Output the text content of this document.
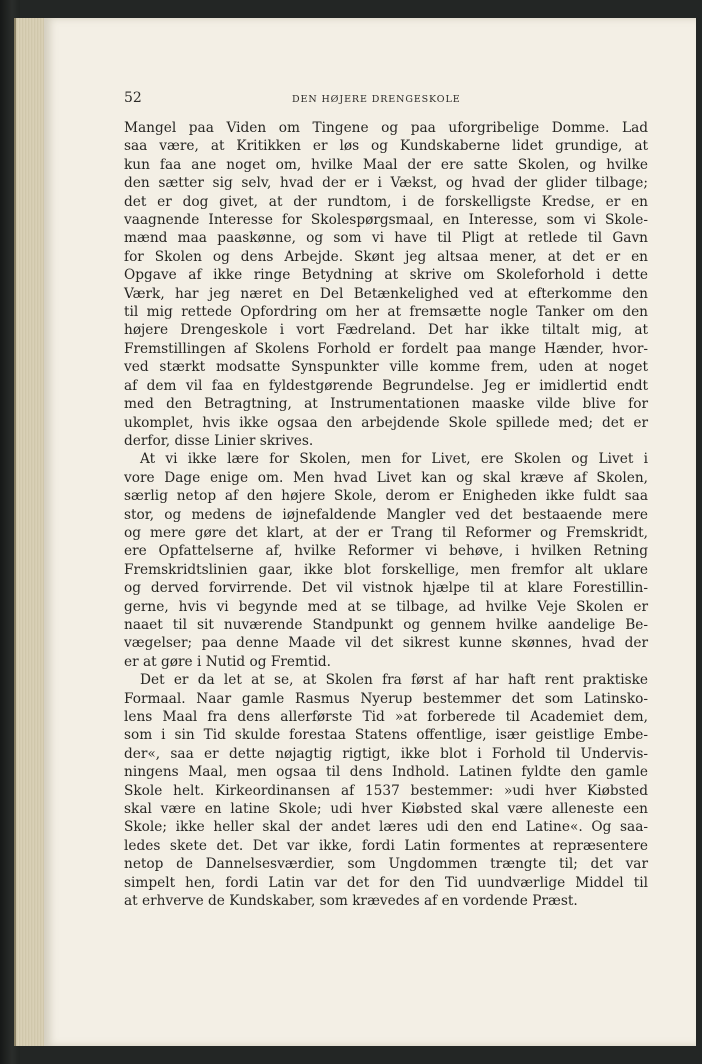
52	DEN HØJERE DRENGESKOLE
Mangel paa Viden om Tingene og paa uforgribelige Domme. Lad
saa være, at Kritikken er løs og Kundskaberne lidet grundige, at
kun faa ane noget om, hvilke Maal der ere satte Skolen, og hvilke
den sætter sig selv, hvad der er i Vækst, og hvad der glider tilbage;
det er dog givet, at der rundtom, i de forskelligste Kredse, er en
vaagnende Interesse for Skolespørgsmaal, en Interesse, som vi Skole-
mænd maa paaskønne, og som vi have til Pligt at retlede til Gavn
for Skolen og dens Arbejde. Skønt jeg altsaa mener, at det er en
Opgave af ikke ringe Betydning at skrive om Skoleforhold i dette
Værk, har jeg næret en Del Betænkelighed ved at efterkomme den
til mig rettede Opfordring om her at fremsætte nogle Tanker om den
højere Drengeskole i vort Fædreland. Det har ikke tiltalt mig, at
Fremstillingen af Skolens Forhold er fordelt paa mange Hænder, hvor-
ved stærkt modsatte Synspunkter ville komme frem, uden at noget
af dem vil faa en fyldestgørende Begrundelse. Jeg er imidlertid endt
med den Betragtning, at Instrumentationen maaske vilde blive for
ukomplet, hvis ikke ogsaa den arbejdende Skole spillede med; det er
derfor, disse Linier skrives.
At vi ikke lære for Skolen, men for Livet, ere Skolen og Livet i
vore Dage enige om. Men hvad Livet kan og skal kræve af Skolen,
særlig netop af den højere Skole, derom er Enigheden ikke fuldt saa
stor, og medens de iøjnefaldende Mangler ved det bestaaende mere
og mere gøre det klart, at der er Trang til Reformer og Fremskridt,
ere Opfattelserne af, hvilke Reformer vi behøve, i hvilken Retning
Fremskridtslinien gaar, ikke blot forskellige, men fremfor alt uklare
og derved forvirrende. Det vil vistnok hjælpe til at klare Forestillin-
gerne, hvis vi begynde med at se tilbage, ad hvilke Veje Skolen er
naaet til sit nuværende Standpunkt og gennem hvilke aandelige Be-
vægelser; paa denne Maade vil det sikrest kunne skønnes, hvad der
er at gøre i Nutid og Fremtid.
Det er da let at se, at Skolen fra først af har haft rent praktiske
Formaal. Naar gamle Rasmus Nyerup bestemmer det som Latinsko-
lens Maal fra dens allerførste Tid »at forberede til Academiet dem,
som i sin Tid skulde forestaa Statens offentlige, især geistlige Embe-
der«, saa er dette nøjagtig rigtigt, ikke blot i Forhold til Undervis-
ningens Maal, men ogsaa til dens Indhold. Latinen fyldte den gamle
Skole helt. Kirkeordinansen af 1537 bestemmer: »udi hver Kiøbsted
skal være en latine Skole; udi hver Kiøbsted skal være alleneste een
Skole; ikke heller skal der andet læres udi den end Latine«. Og saa-
ledes skete det. Det var ikke, fordi Latin formentes at repræsentere
netop de Dannelsesværdier, som Ungdommen trængte til; det var
simpelt hen, fordi Latin var det for den Tid uundværlige Middel til
at erhverve de Kundskaber, som krævedes af en vordende Præst.
